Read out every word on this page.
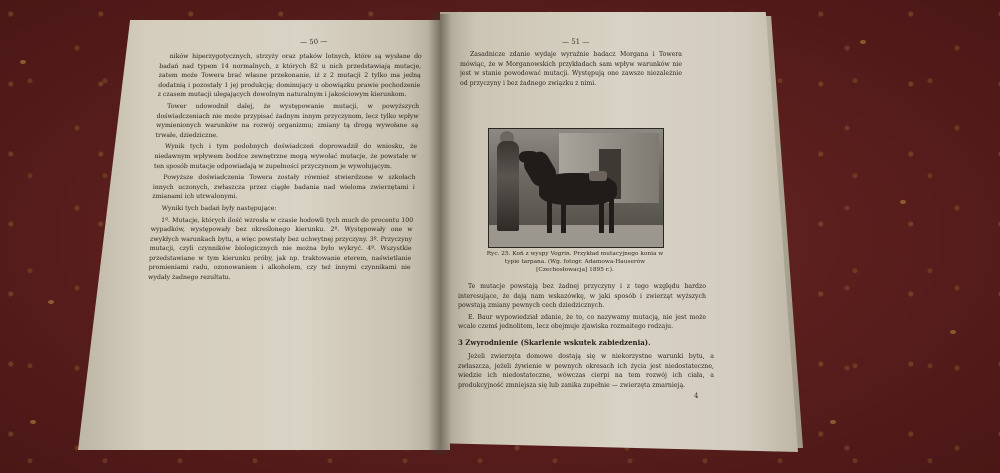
— 50 —

ników hiperzygotycznych, strzyży oraz ptaków lotnych, które są wysłane do badań nad typem 14 normalnych, z których 82 u nich przedstawiają mutacje, zatem może Towera brać własne przekonanie, iż z 2 mutacji 2 tylko ma jedną dodatnią i pozostały 1 jej produkcją; dominujący u obowiązku prawie pochodzenie z czasem mutacji ulegających dowolnym naturalnym i jakościowym kierunkom.

Tower udowodnił dalej, że występowanie mutacji, w powyższych doświadczeniach nie może przypisać żadnym innym przyczynom, lecz tylko wpływ wymienionych warunków na rozwój organizmu; zmiany tą drogą wywołane są trwałe, dziedziczne.

Wynik tych i tym podobnych doświadczeń doprowadził do wniosku, że niedawnym wpływem bodźce zewnętrzne mogą wywołać mutacje, że powstałe w ten sposób mutacje odpowiadają w zupełności przyczynom je wywołującym.

Powyższe doświadczenia Towera zostały również stwierdzone w szkołach innych uczonych, zwłaszcza przez ciągłe badania nad wieloma zwierzętami i zmianami ich utrwalonymi.

Wyniki tych badań były następujące:

1º. Mutacje, których ilość wzrosła w czasie hodowli tych much do procentu 100 wypadków, występowały bez określonego kierunku. 2º. Występowały one w zwykłych warunkach bytu, a więc powstały bez uchwytnej przyczyny. 3º. Przyczyny mutacji, czyli czynników biologicznych nie można było wykryć. 4º. Wszystkie przedstawiane w tym kierunku próby, jak np. traktowanie eterem, naświetlanie promieniami radu, ozonowaniem i alkoholem, czy też innymi czynnikami nie wydały żadnego rezultatu.

— 51 —

Zasadnicze zdanie wydaje wyraźnie badacz Morgana i Towera mówiąc, że w Morganowskich przykładach sam wpływ warunków nie jest w stanie powodować mutacji. Występują one zawsze niezależnie od przyczyny i bez żadnego związku z nimi.

Ryc. 25. Koń z wyspy Vogrin. Przykład mutacyjnego konia w typie tarpana. (Wg. fotogr. Adamowa-Hauserów [Czechosłowacja] 1895 r.).

Te mutacje powstają bez żadnej przyczyny i z tego względu bardzo interesujące, że dają nam wskazówkę, w jaki sposób i zwierząt wyższych powstają zmiany pewnych cech dziedzicznych.

E. Baur wypowiedział zdanie, że to, co nazywamy mutacją, nie jest może wcale czemś jednolitem, lecz obejmuje zjawiska rozmaitego rodzaju.

3 Zwyrodnienie (Skarlenie wskutek zabiedzenia).

Jeżeli zwierzęta domowe dostają się w niekorzystne warunki bytu, a zwłaszcza, jeżeli żywienie w pewnych okresach ich życia jest niedostateczne, wiedzie ich niedostateczne, wówczas cierpi na tem rozwój ich ciała, a produkcyjność zmniejsza się lub zanika zupełnie — zwierzęta zmarnieją.

4
